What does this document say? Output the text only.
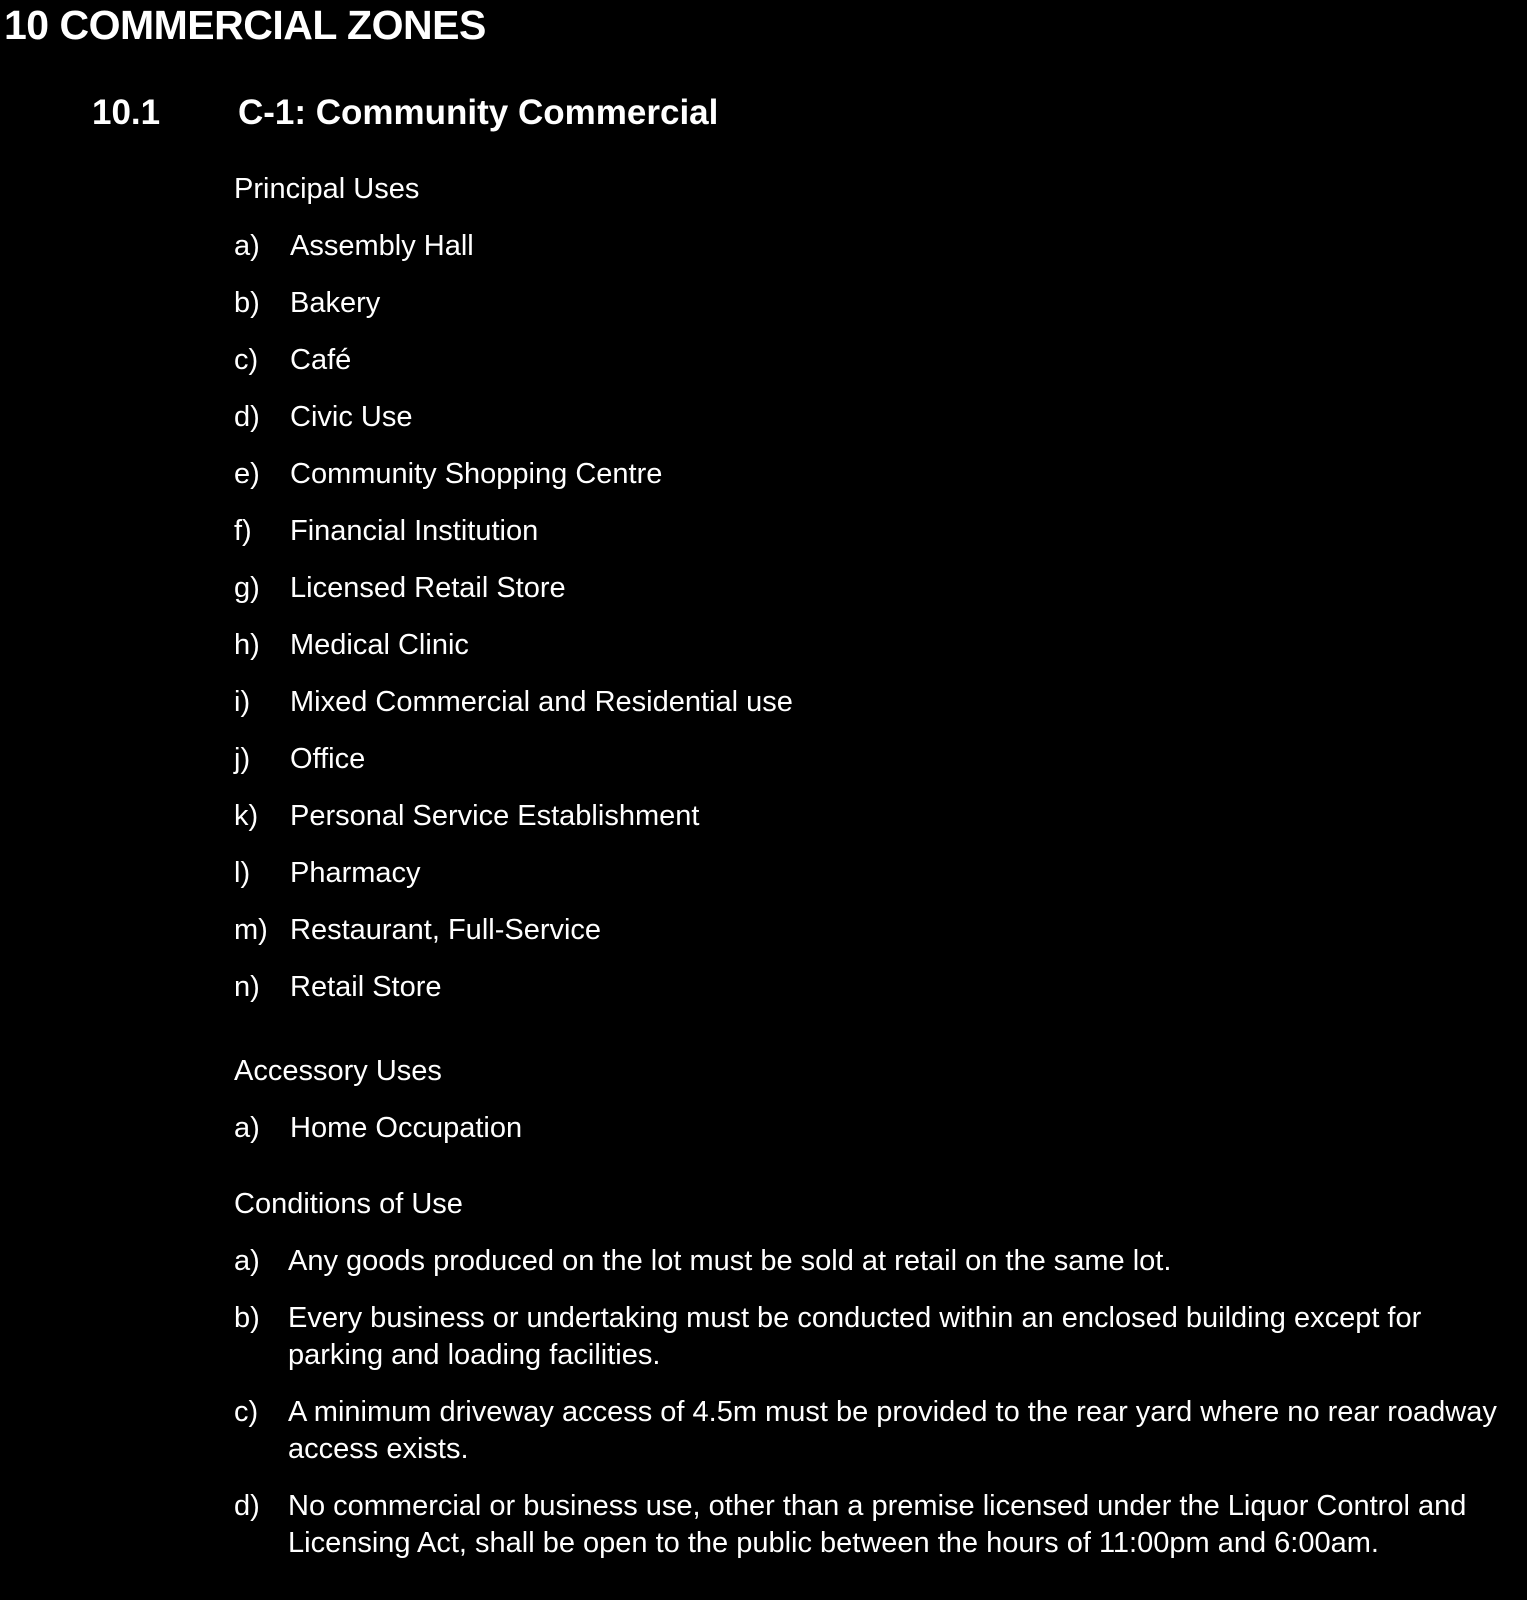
10 COMMERCIAL ZONES
10.1 C-1: Community Commercial
Principal Uses
a)	Assembly Hall
b)	Bakery
c)	Café
d)	Civic Use
e)	Community Shopping Centre
f)	Financial Institution
g)	Licensed Retail Store
h)	Medical Clinic
i)	Mixed Commercial and Residential use
j)	Office
k)	Personal Service Establishment
l)	Pharmacy
m) Restaurant, Full-Service
n)	Retail Store
Accessory Uses
a)	Home Occupation
Conditions of Use
a) Any goods produced on the lot must be sold at retail on the same lot.
b) Every business or undertaking must be conducted within an enclosed building except for parking and loading facilities.
c)	A minimum driveway access of 4.5m must be provided to the rear yard where no rear roadway access exists.
d) No commercial or business use, other than a premise licensed under the Liquor Control and Licensing Act, shall be open to the public between the hours of 11:00pm and 6:00am.
